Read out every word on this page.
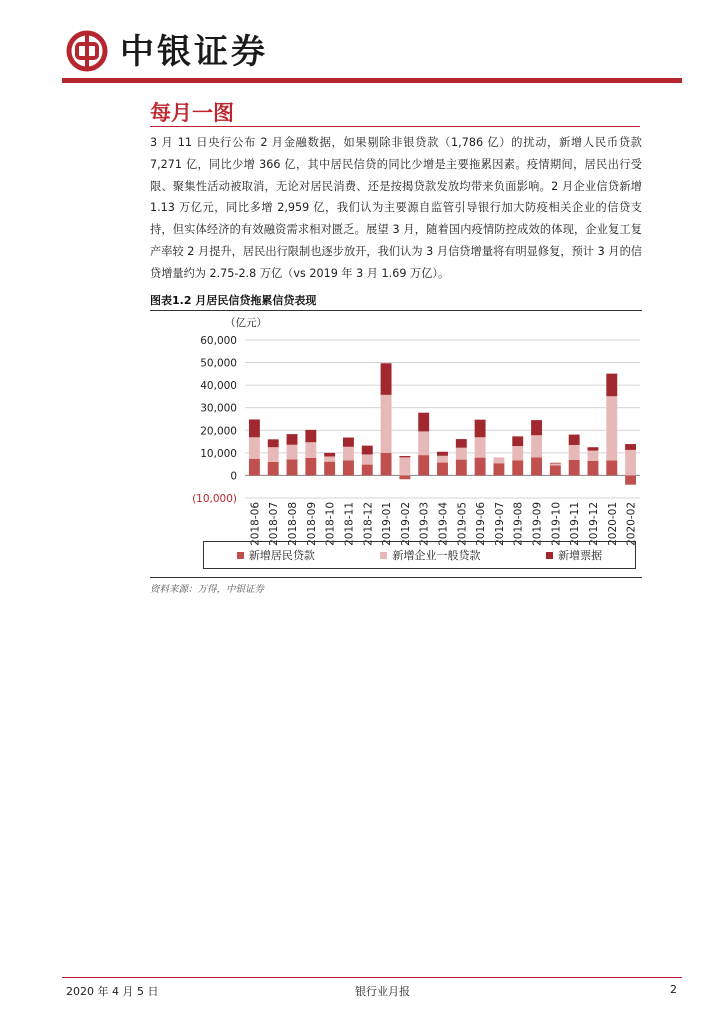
中银证券
每月一图
3 月 11 日央行公布 2 月金融数据，如果剔除非银贷款（1,786 亿）的扰动，新增人民币贷款 7,271 亿，同比少增 366 亿，其中居民信贷的同比少增是主要拖累因素。疫情期间，居民出行受限、聚集性活动被取消，无论对居民消费、还是按揭贷款发放均带来负面影响。2 月企业信贷新增 1.13 万亿元，同比多增 2,959 亿，我们认为主要源自监管引导银行加大防疫相关企业的信贷支持，但实体经济的有效融资需求相对匮乏。展望 3 月，随着国内疫情防控成效的体现，企业复工复产率较 2 月提升，居民出行限制也逐步放开，我们认为 3 月信贷增量将有明显修复，预计 3 月的信贷增量约为 2.75-2.8 万亿（vs 2019 年 3 月 1.69 万亿）。
图表1.2 月居民信贷拖累信贷表现
（亿元）
(10,000)
0
10,000
20,000
30,000
40,000
50,000
60,000
2018-06 2018-07 2018-08 2018-09 2018-10 2018-11 2018-12 2019-01 2019-02 2019-03 2019-04 2019-05 2019-06 2019-07 2019-08 2019-09 2019-10 2019-11 2019-12 2020-01 2020-02
新增居民贷款	新增企业一般贷款	新增票据
资料来源：万得，中银证券
2020 年 4 月 5 日	银行业月报	2
